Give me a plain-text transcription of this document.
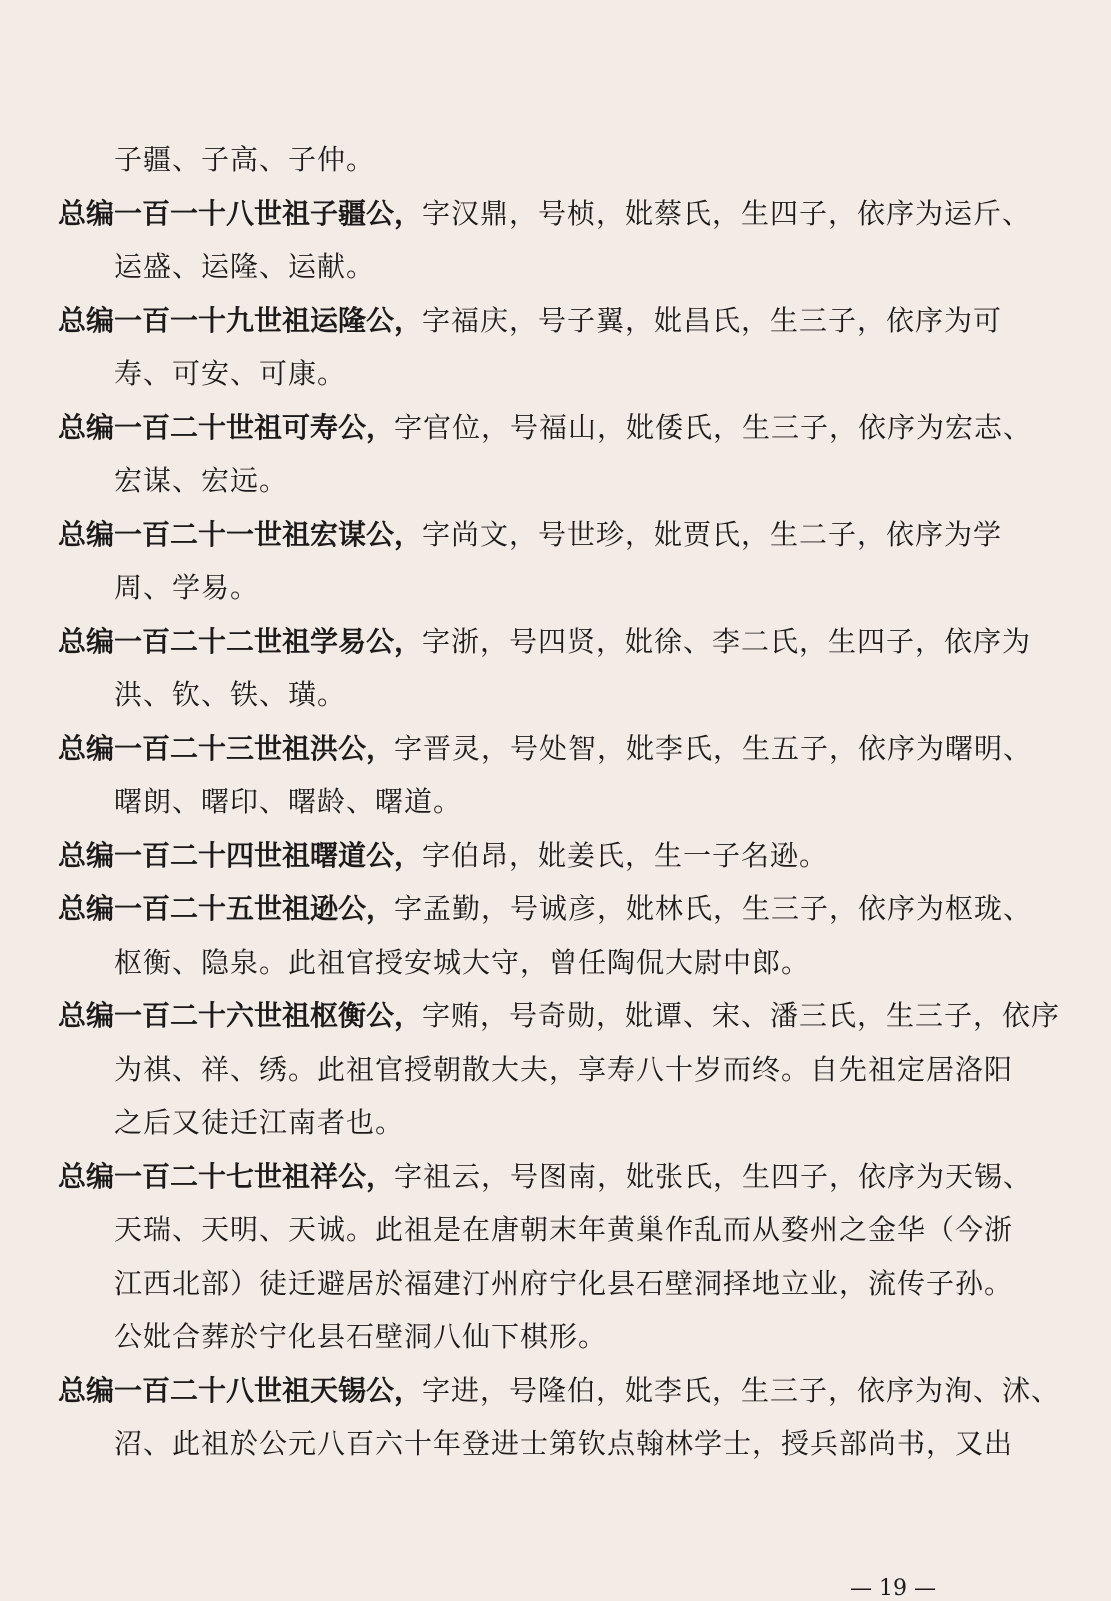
子疆、子高、子仲。
总编一百一十八世祖子疆公，字汉鼎，号桢，妣蔡氏，生四子，依序为运斤、
运盛、运隆、运献。
总编一百一十九世祖运隆公，字福庆，号子翼，妣昌氏，生三子，依序为可
寿、可安、可康。
总编一百二十世祖可寿公，字官位，号福山，妣倭氏，生三子，依序为宏志、
宏谋、宏远。
总编一百二十一世祖宏谋公，字尚文，号世珍，妣贾氏，生二子，依序为学
周、学易。
总编一百二十二世祖学易公，字浙，号四贤，妣徐、李二氏，生四子，依序为
洪、钦、铁、璜。
总编一百二十三世祖洪公，字晋灵，号处智，妣李氏，生五子，依序为曙明、
曙朗、曙印、曙龄、曙道。
总编一百二十四世祖曙道公，字伯昂，妣姜氏，生一子名逊。
总编一百二十五世祖逊公，字孟勤，号诚彦，妣林氏，生三子，依序为枢珑、
枢衡、隐泉。此祖官授安城大守，曾任陶侃大尉中郎。
总编一百二十六世祖枢衡公，字贿，号奇勋，妣谭、宋、潘三氏，生三子，依序
为祺、祥、绣。此祖官授朝散大夫，享寿八十岁而终。自先祖定居洛阳
之后又徒迁江南者也。
总编一百二十七世祖祥公，字祖云，号图南，妣张氏，生四子，依序为天锡、
天瑞、天明、天诚。此祖是在唐朝末年黄巢作乱而从婺州之金华（今浙
江西北部）徒迁避居於福建汀州府宁化县石壁洞择地立业，流传子孙。
公妣合葬於宁化县石壁洞八仙下棋形。
总编一百二十八世祖天锡公，字进，号隆伯，妣李氏，生三子，依序为洵、沭、
沼、此祖於公元八百六十年登进士第钦点翰林学士，授兵部尚书，又出
— 19 —
